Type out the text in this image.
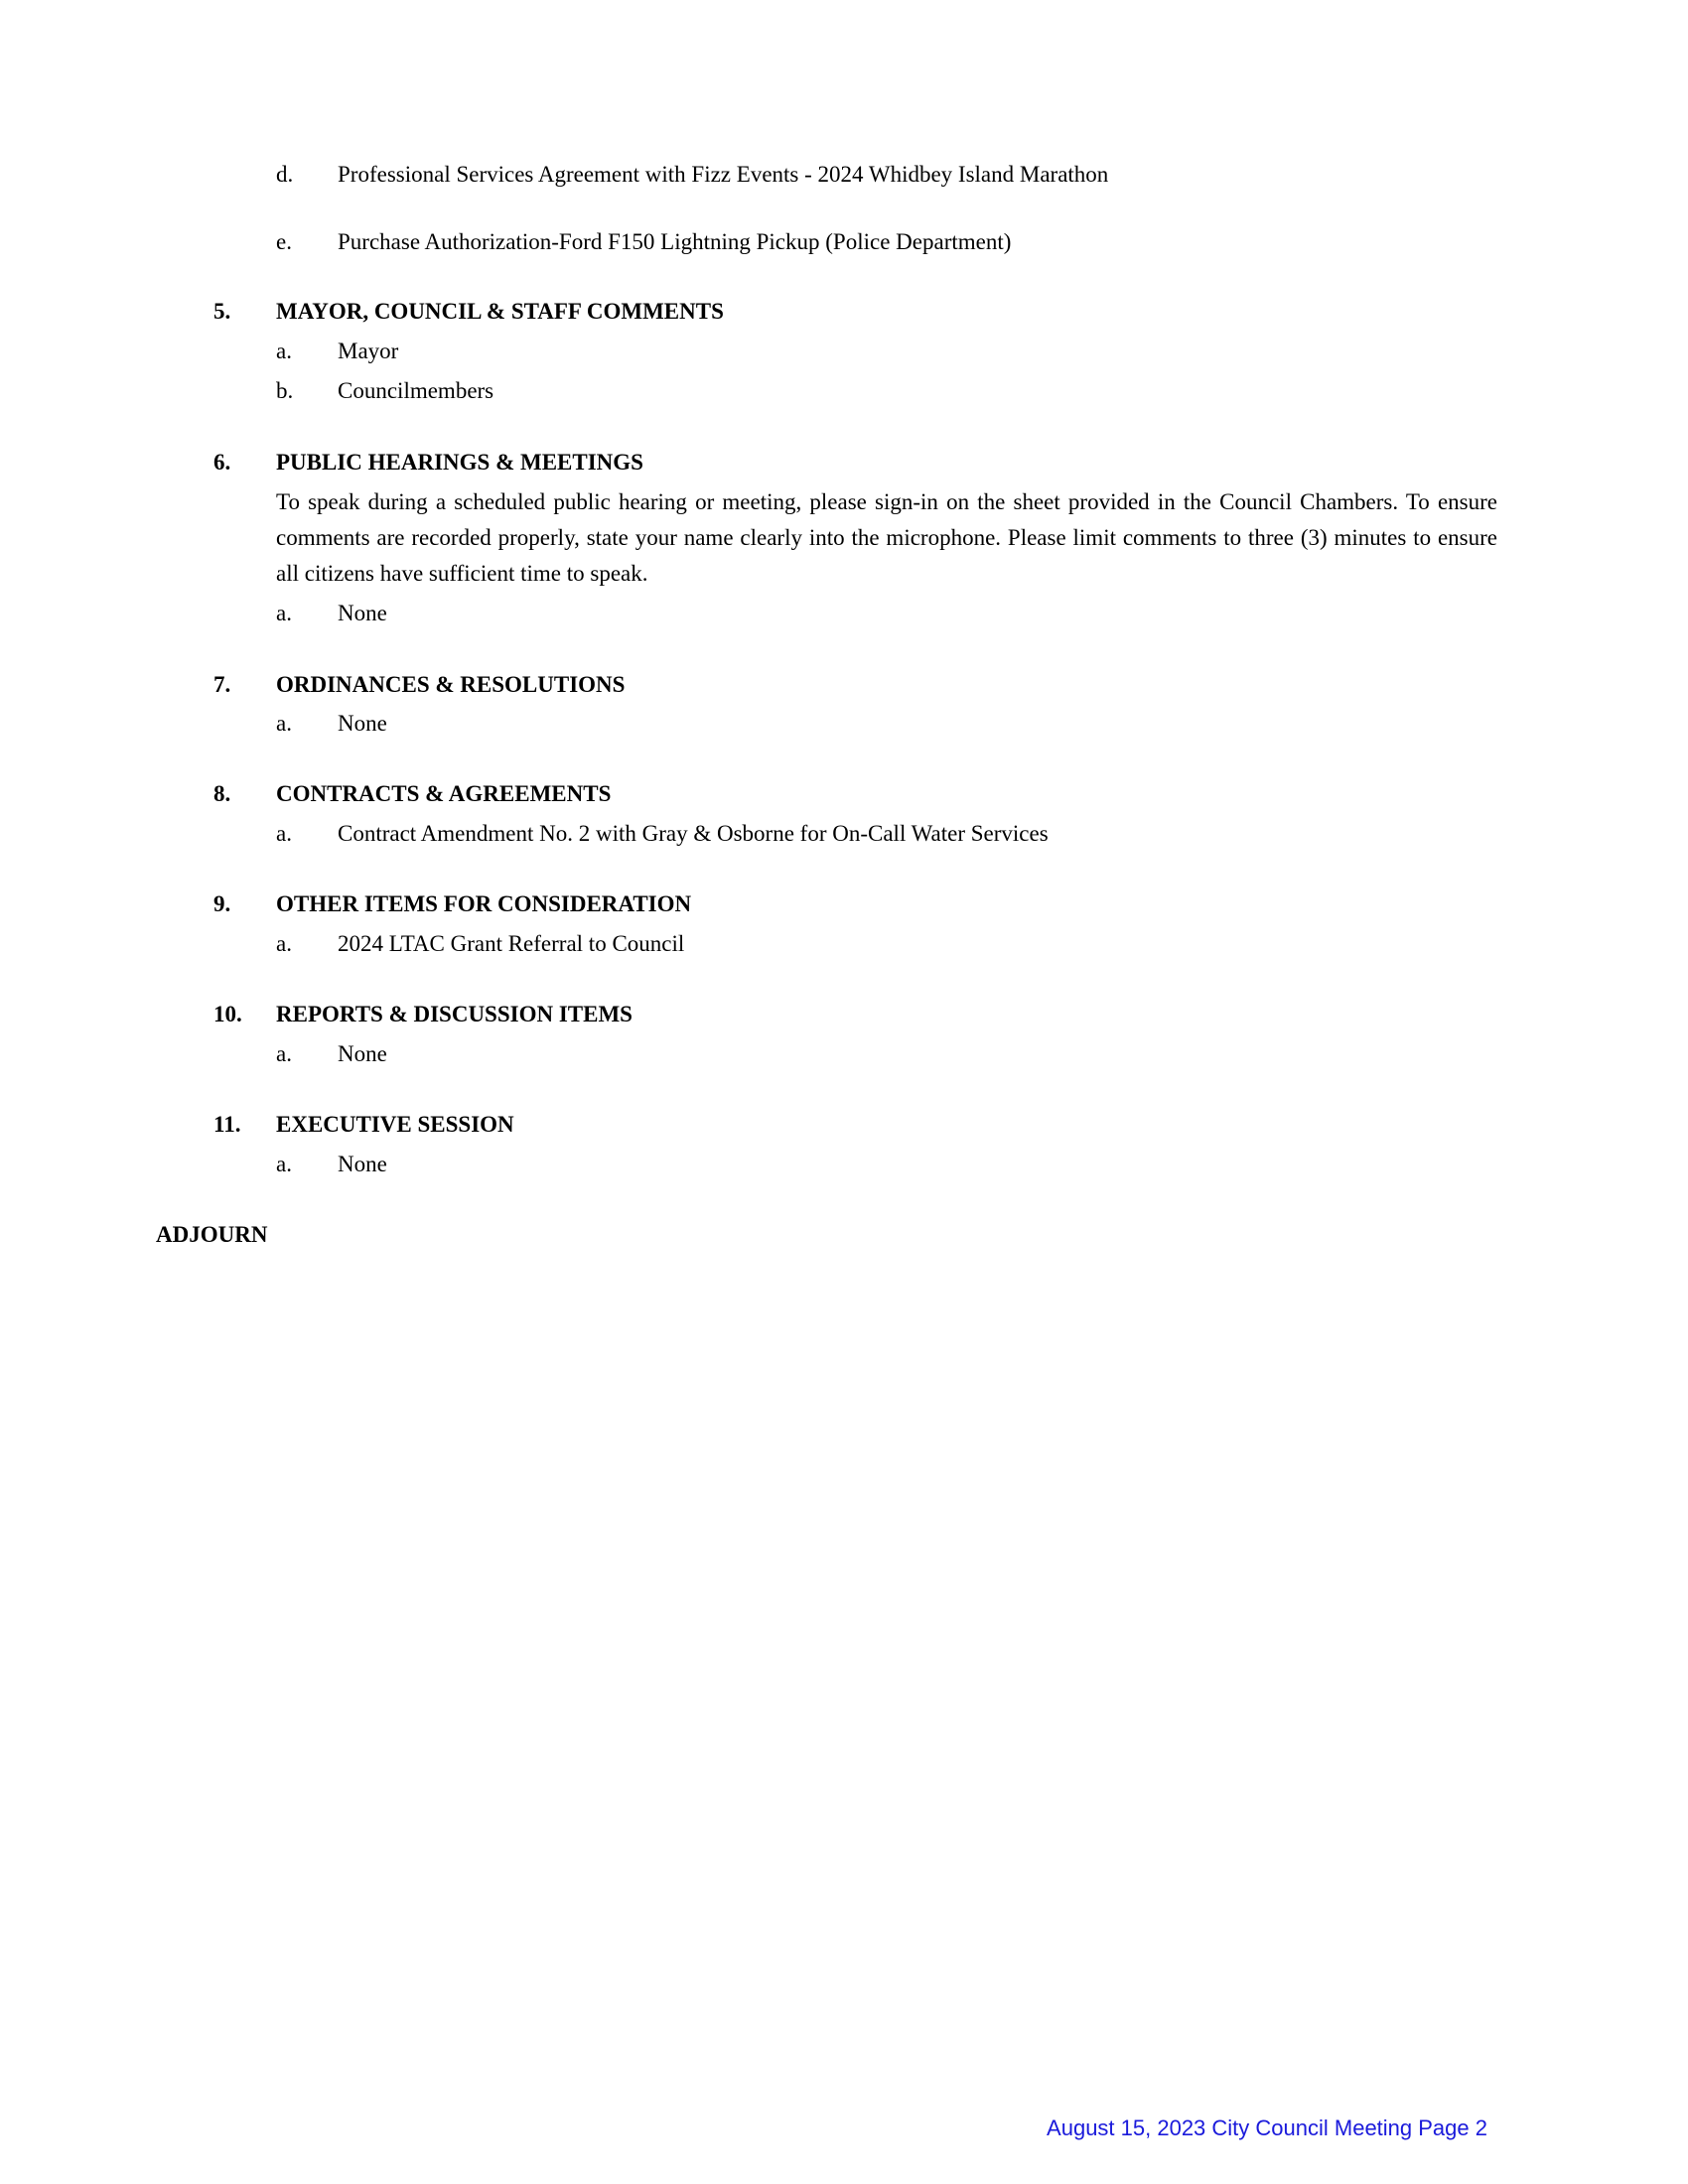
d. Professional Services Agreement with Fizz Events - 2024 Whidbey Island Marathon
e. Purchase Authorization-Ford F150 Lightning Pickup (Police Department)
5. MAYOR, COUNCIL & STAFF COMMENTS
a. Mayor
b. Councilmembers
6. PUBLIC HEARINGS & MEETINGS
To speak during a scheduled public hearing or meeting, please sign-in on the sheet provided in the Council Chambers. To ensure comments are recorded properly, state your name clearly into the microphone. Please limit comments to three (3) minutes to ensure all citizens have sufficient time to speak.
a. None
7. ORDINANCES & RESOLUTIONS
a. None
8. CONTRACTS & AGREEMENTS
a. Contract Amendment No. 2 with Gray & Osborne for On-Call Water Services
9. OTHER ITEMS FOR CONSIDERATION
a. 2024 LTAC Grant Referral to Council
10. REPORTS & DISCUSSION ITEMS
a. None
11. EXECUTIVE SESSION
a. None
ADJOURN
August 15, 2023 City Council Meeting Page 2
